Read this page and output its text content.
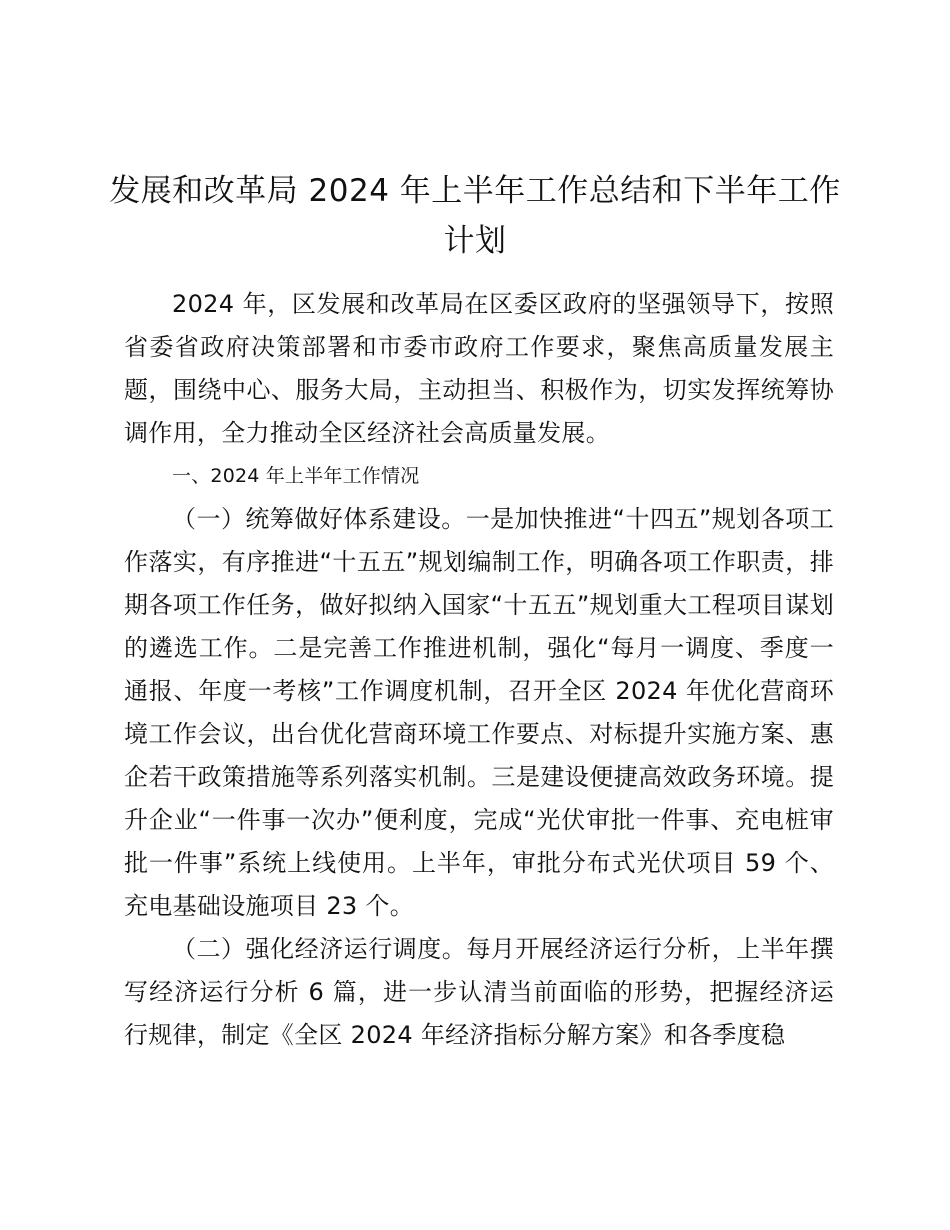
发展和改革局 2024 年上半年工作总结和下半年工作计划

2024 年，区发展和改革局在区委区政府的坚强领导下，按照省委省政府决策部署和市委市政府工作要求，聚焦高质量发展主题，围绕中心、服务大局，主动担当、积极作为，切实发挥统筹协调作用，全力推动全区经济社会高质量发展。

一、2024 年上半年工作情况

（一）统筹做好体系建设。一是加快推进“十四五”规划各项工作落实，有序推进“十五五”规划编制工作，明确各项工作职责，排期各项工作任务，做好拟纳入国家“十五五”规划重大工程项目谋划的遴选工作。二是完善工作推进机制，强化“每月一调度、季度一通报、年度一考核”工作调度机制，召开全区 2024 年优化营商环境工作会议，出台优化营商环境工作要点、对标提升实施方案、惠企若干政策措施等系列落实机制。三是建设便捷高效政务环境。提升企业“一件事一次办”便利度，完成“光伏审批一件事、充电桩审批一件事”系统上线使用。上半年，审批分布式光伏项目 59 个、充电基础设施项目 23 个。

（二）强化经济运行调度。每月开展经济运行分析，上半年撰写经济运行分析 6 篇，进一步认清当前面临的形势，把握经济运行规律，制定《全区 2024 年经济指标分解方案》和各季度稳
